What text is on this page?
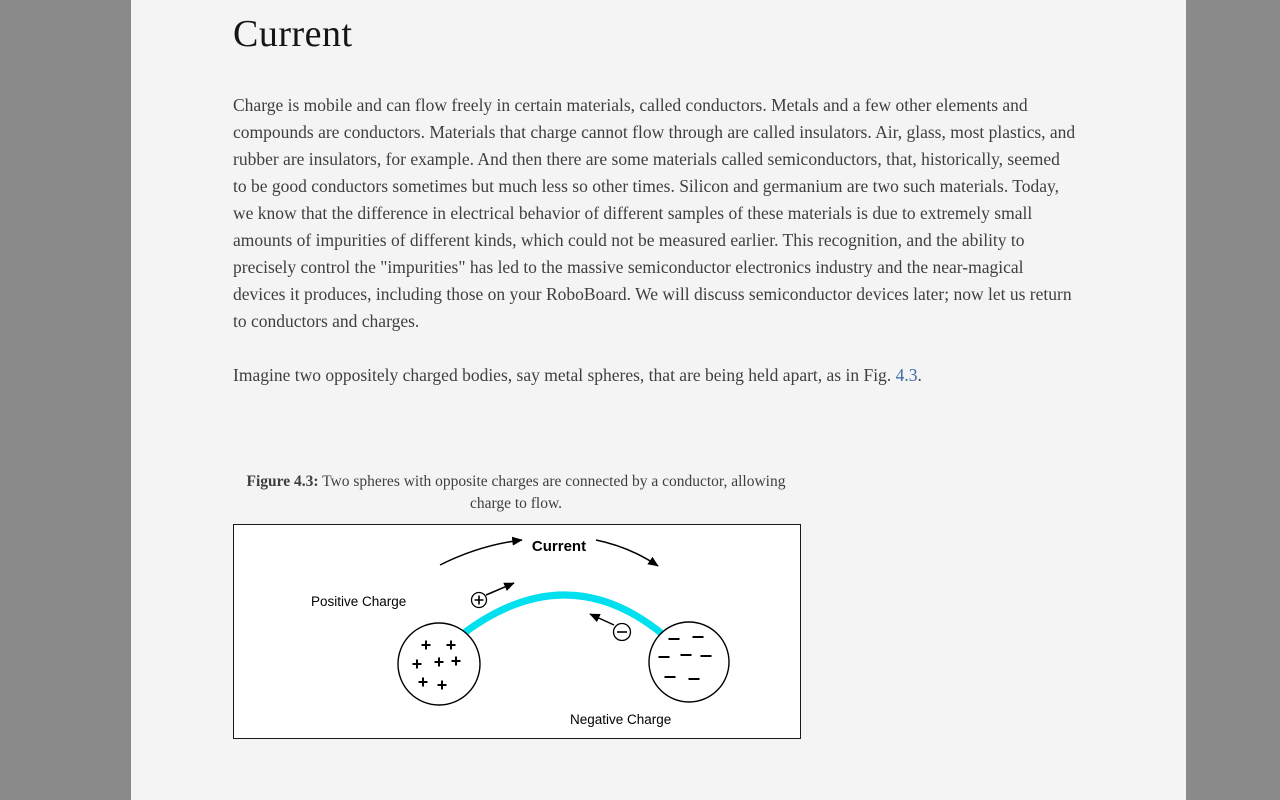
Current

Charge is mobile and can flow freely in certain materials, called conductors. Metals and a few other elements and compounds are conductors. Materials that charge cannot flow through are called insulators. Air, glass, most plastics, and rubber are insulators, for example. And then there are some materials called semiconductors, that, historically, seemed to be good conductors sometimes but much less so other times. Silicon and germanium are two such materials. Today, we know that the difference in electrical behavior of different samples of these materials is due to extremely small amounts of impurities of different kinds, which could not be measured earlier. This recognition, and the ability to precisely control the "impurities" has led to the massive semiconductor electronics industry and the near-magical devices it produces, including those on your RoboBoard. We will discuss semiconductor devices later; now let us return to conductors and charges.

Imagine two oppositely charged bodies, say metal spheres, that are being held apart, as in Fig. 4.3.

Figure 4.3: Two spheres with opposite charges are connected by a conductor, allowing charge to flow.
Current
Positive Charge
Negative Charge
